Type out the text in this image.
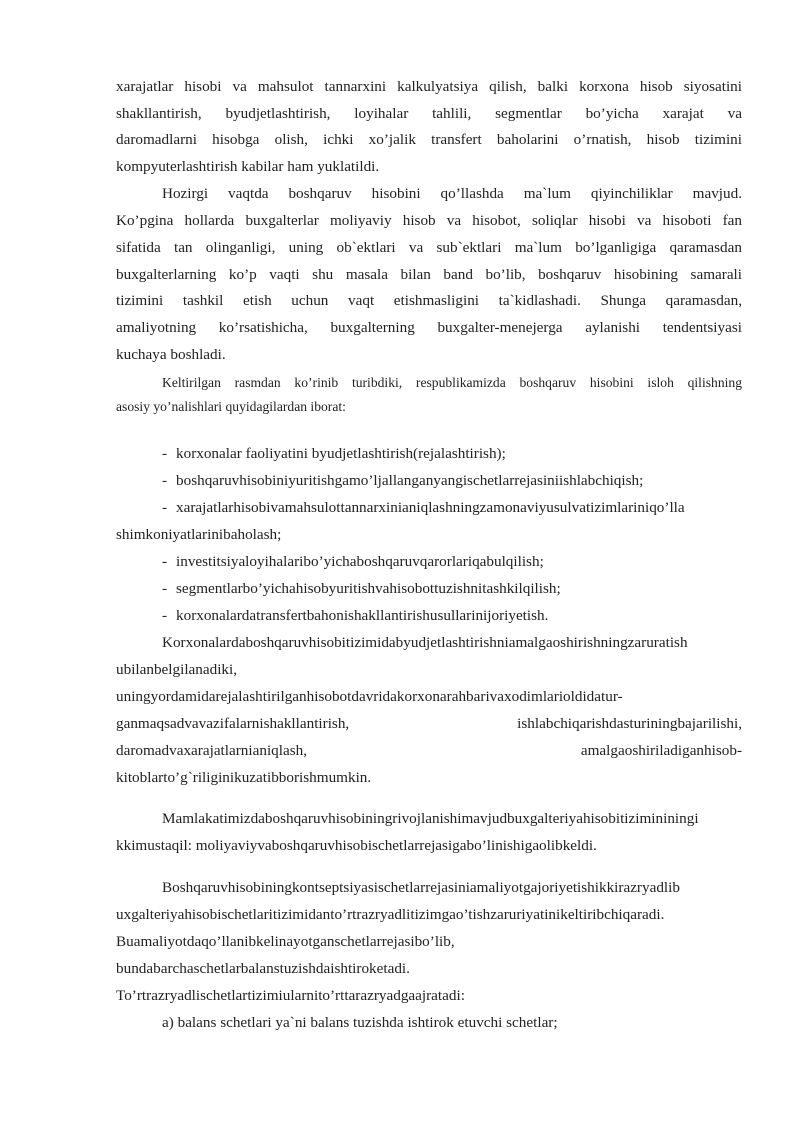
xarajatlar hisobi va mahsulot tannarxini kalkulyatsiya qilish, balki korxona hisob siyosatini
shakllantirish, byudjetlashtirish, loyihalar tahlili, segmentlar bo’yicha xarajat va
daromadlarni hisobga olish, ichki xo’jalik transfert baholarini o’rnatish, hisob tizimini
kompyuterlashtirish kabilar ham yuklatildi.
Hozirgi vaqtda boshqaruv hisobini qo’llashda ma`lum qiyinchiliklar mavjud.
Ko’pgina hollarda buxgalterlar moliyaviy hisob va hisobot, soliqlar hisobi va hisoboti fan
sifatida tan olinganligi, uning ob`ektlari va sub`ektlari ma`lum bo’lganligiga qaramasdan
buxgalterlarning ko’p vaqti shu masala bilan band bo’lib, boshqaruv hisobining samarali
tizimini tashkil etish uchun vaqt etishmasligini ta`kidlashadi. Shunga qaramasdan,
amaliyotning ko’rsatishicha, buxgalterning buxgalter-menejerga aylanishi tendentsiyasi
kuchaya boshladi.
Keltirilgan rasmdan ko’rinib turibdiki, respublikamizda boshqaruv hisobini isloh qilishning
asosiy yo’nalishlari quyidagilardan iborat:
- korxonalar faoliyatini byudjetlashtirish(rejalashtirish);
- boshqaruvhisobiniyuritishgamo’ljallanganyangischetlarrejasiniishlabchiqish;
- xarajatlarhisobivamahsulottannarxinianiqlashningzamonaviyusulvatizimlariniqo’lla
shimkoniyatlarinibaholash;
- investitsiyaloyihalaribo’yichaboshqaruvqarorlariqabulqilish;
- segmentlarbo’yichahisobyuritishvahisobottuzishnitashkilqilish;
- korxonalardatransfertbahonishakllantirishusullarinijoriyetish.
Korxonalardaboshqaruvhisobitizimidabyudjetlashtirishniamalgaoshirishningzaruratish
ubilanbelgilanadiki,
uningyordamidarejalashtirilganhisobotdavridakorxonarahbarivaxodimlarioldidatur-
ganmaqsadvavazifalarnishakllantirish, ishlabchiqarishdasturiningbajarilishi,
daromadvaxarajatlarnianiqlash, amalgaoshiriladiganhisob-
kitoblarto’g`riliginikuzatibborishmumkin.
Mamlakatimizdaboshqaruvhisobiningrivojlanishimavjudbuxgalteriyahisobitizimininingi
kkimustaqil: moliyaviyvaboshqaruvhisobischetlarrejasigabo’linishigaolibkeldi.
Boshqaruvhisobiningkontseptsiyasischetlarrejasiniamaliyotgajoriyetishikkirazryadlib
uxgalteriyahisobischetlaritizimidanto’rtrazryadlitizimgao’tishzaruriyatinikeltiribchiqaradi.
Buamaliyotdaqo’llanibkelinayotganschetlarrejasibo’lib,
bundabarchaschetlarbalanstuzishdaishtiroketadi.
To’rtrazryadlischetlartizimiularnito’rttarazryadgaajratadi:
a) balans schetlari ya`ni balans tuzishda ishtirok etuvchi schetlar;
